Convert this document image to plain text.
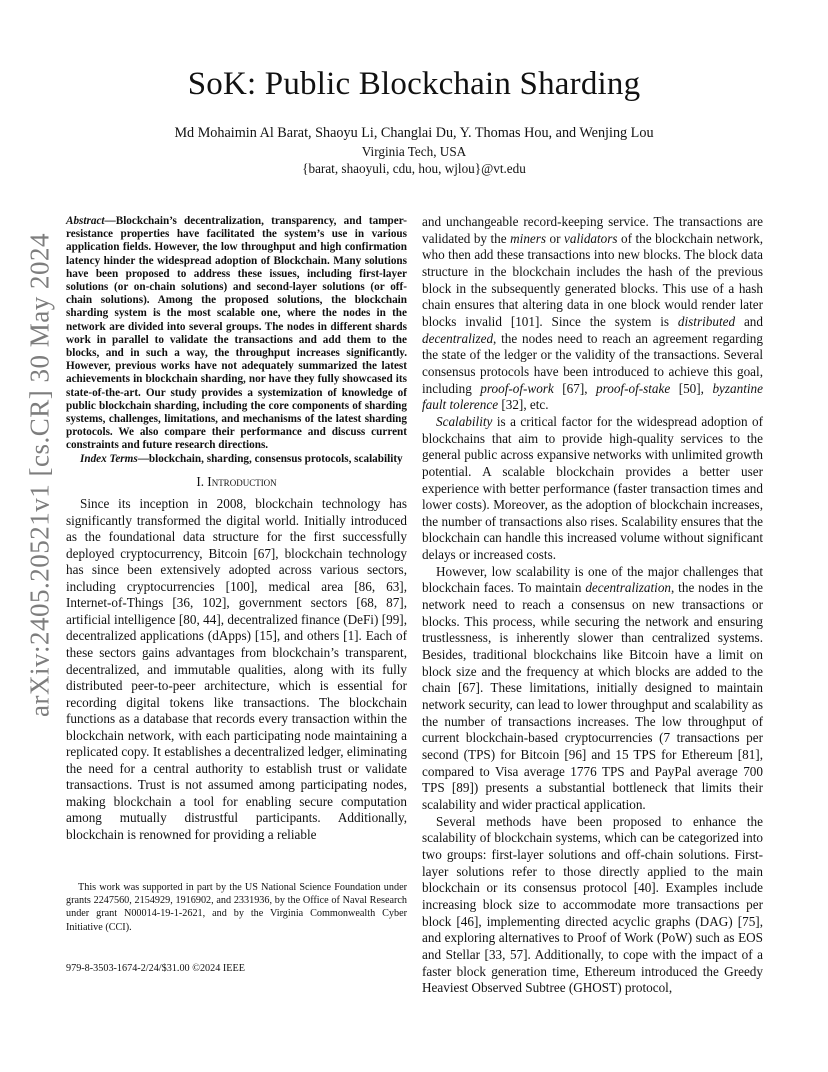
SoK: Public Blockchain Sharding
Md Mohaimin Al Barat, Shaoyu Li, Changlai Du, Y. Thomas Hou, and Wenjing Lou
Virginia Tech, USA
{barat, shaoyuli, cdu, hou, wjlou}@vt.edu
arXiv:2405.20521v1 [cs.CR] 30 May 2024

Abstract—Blockchain’s decentralization, transparency, and tamper-resistance properties have facilitated the system’s use in various application fields. However, the low throughput and high confirmation latency hinder the widespread adoption of Blockchain. Many solutions have been proposed to address these issues, including first-layer solutions (or on-chain solutions) and second-layer solutions (or off-chain solutions). Among the proposed solutions, the blockchain sharding system is the most scalable one, where the nodes in the network are divided into several groups. The nodes in different shards work in parallel to validate the transactions and add them to the blocks, and in such a way, the throughput increases significantly. However, previous works have not adequately summarized the latest achievements in blockchain sharding, nor have they fully showcased its state-of-the-art. Our study provides a systemization of knowledge of public blockchain sharding, including the core components of sharding systems, challenges, limitations, and mechanisms of the latest sharding protocols. We also compare their performance and discuss current constraints and future research directions.

Index Terms—blockchain, sharding, consensus protocols, scalability

I. Introduction

Since its inception in 2008, blockchain technology has significantly transformed the digital world. Initially introduced as the foundational data structure for the first successfully deployed cryptocurrency, Bitcoin [67], blockchain technology has since been extensively adopted across various sectors, including cryptocurrencies [100], medical area [86, 63], Internet-of-Things [36, 102], government sectors [68, 87], artificial intelligence [80, 44], decentralized finance (DeFi) [99], decentralized applications (dApps) [15], and others [1]. Each of these sectors gains advantages from blockchain’s transparent, decentralized, and immutable qualities, along with its fully distributed peer-to-peer architecture, which is essential for recording digital tokens like transactions. The blockchain functions as a database that records every transaction within the blockchain network, with each participating node maintaining a replicated copy. It establishes a decentralized ledger, eliminating the need for a central authority to establish trust or validate transactions. Trust is not assumed among participating nodes, making blockchain a tool for enabling secure computation among mutually distrustful participants. Additionally, blockchain is renowned for providing a reliable

This work was supported in part by the US National Science Foundation under grants 2247560, 2154929, 1916902, and 2331936, by the Office of Naval Research under grant N00014-19-1-2621, and by the Virginia Commonwealth Cyber Initiative (CCI).
979-8-3503-1674-2/24/$31.00 ©2024 IEEE

and unchangeable record-keeping service. The transactions are validated by the miners or validators of the blockchain network, who then add these transactions into new blocks. The block data structure in the blockchain includes the hash of the previous block in the subsequently generated blocks. This use of a hash chain ensures that altering data in one block would render later blocks invalid [101]. Since the system is distributed and decentralized, the nodes need to reach an agreement regarding the state of the ledger or the validity of the transactions. Several consensus protocols have been introduced to achieve this goal, including proof-of-work [67], proof-of-stake [50], byzantine fault tolerence [32], etc.

Scalability is a critical factor for the widespread adoption of blockchains that aim to provide high-quality services to the general public across expansive networks with unlimited growth potential. A scalable blockchain provides a better user experience with better performance (faster transaction times and lower costs). Moreover, as the adoption of blockchain increases, the number of transactions also rises. Scalability ensures that the blockchain can handle this increased volume without significant delays or increased costs.

However, low scalability is one of the major challenges that blockchain faces. To maintain decentralization, the nodes in the network need to reach a consensus on new transactions or blocks. This process, while securing the network and ensuring trustlessness, is inherently slower than centralized systems. Besides, traditional blockchains like Bitcoin have a limit on block size and the frequency at which blocks are added to the chain [67]. These limitations, initially designed to maintain network security, can lead to lower throughput and scalability as the number of transactions increases. The low throughput of current blockchain-based cryptocurrencies (7 transactions per second (TPS) for Bitcoin [96] and 15 TPS for Ethereum [81], compared to Visa average 1776 TPS and PayPal average 700 TPS [89]) presents a substantial bottleneck that limits their scalability and wider practical application.

Several methods have been proposed to enhance the scalability of blockchain systems, which can be categorized into two groups: first-layer solutions and off-chain solutions. First-layer solutions refer to those directly applied to the main blockchain or its consensus protocol [40]. Examples include increasing block size to accommodate more transactions per block [46], implementing directed acyclic graphs (DAG) [75], and exploring alternatives to Proof of Work (PoW) such as EOS and Stellar [33, 57]. Additionally, to cope with the impact of a faster block generation time, Ethereum introduced the Greedy Heaviest Observed Subtree (GHOST) protocol,
